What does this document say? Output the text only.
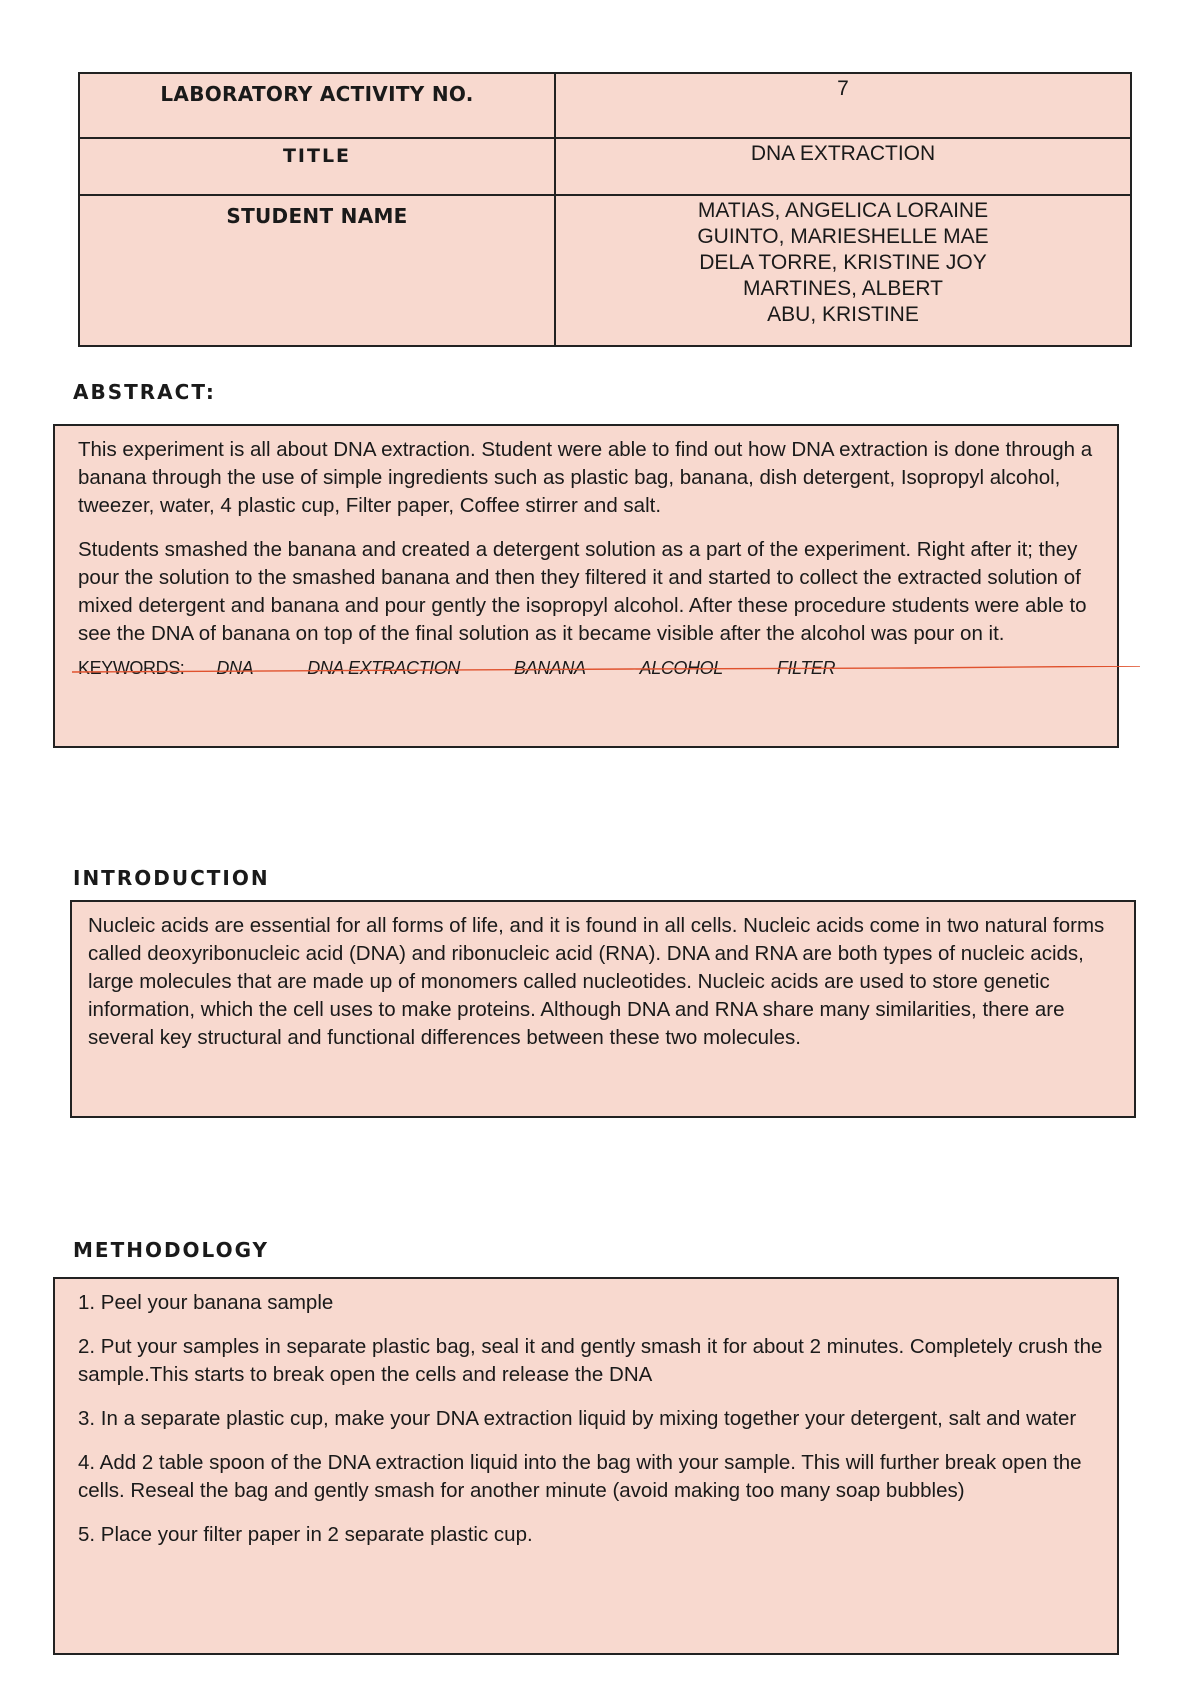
LABORATORY ACTIVITY NO.	7
TITLE	DNA EXTRACTION
STUDENT NAME	MATIAS, ANGELICA LORAINE
GUINTO, MARIESHELLE MAE
DELA TORRE, KRISTINE JOY
MARTINES, ALBERT
ABU, KRISTINE
ABSTRACT:

This experiment is all about DNA extraction. Student were able to find out how DNA extraction is done through a banana through the use of simple ingredients such as plastic bag, banana, dish detergent, Isopropyl alcohol, tweezer, water, 4 plastic cup, Filter paper, Coffee stirrer and salt.

Students smashed the banana and created a detergent solution as a part of the experiment. Right after it; they pour the solution to the smashed banana and then they filtered it and started to collect the extracted solution of mixed detergent and banana and pour gently the isopropyl alcohol. After these procedure students were able to see the DNA of banana on top of the final solution as it became visible after the alcohol was pour on it.

KEYWORDS: DNA	DNA EXTRACTION	BANANA	ALCOHOL	FILTER
INTRODUCTION

Nucleic acids are essential for all forms of life, and it is found in all cells. Nucleic acids come in two natural forms called deoxyribonucleic acid (DNA) and ribonucleic acid (RNA). DNA and RNA are both types of nucleic acids, large molecules that are made up of monomers called nucleotides. Nucleic acids are used to store genetic information, which the cell uses to make proteins. Although DNA and RNA share many similarities, there are several key structural and functional differences between these two molecules.

METHODOLOGY

1. Peel your banana sample

2. Put your samples in separate plastic bag, seal it and gently smash it for about 2 minutes. Completely crush the sample.This starts to break open the cells and release the DNA

3. In a separate plastic cup, make your DNA extraction liquid by mixing together your detergent, salt and water

4. Add 2 table spoon of the DNA extraction liquid into the bag with your sample. This will further break open the cells. Reseal the bag and gently smash for another minute (avoid making too many soap bubbles)

5. Place your filter paper in 2 separate plastic cup.
